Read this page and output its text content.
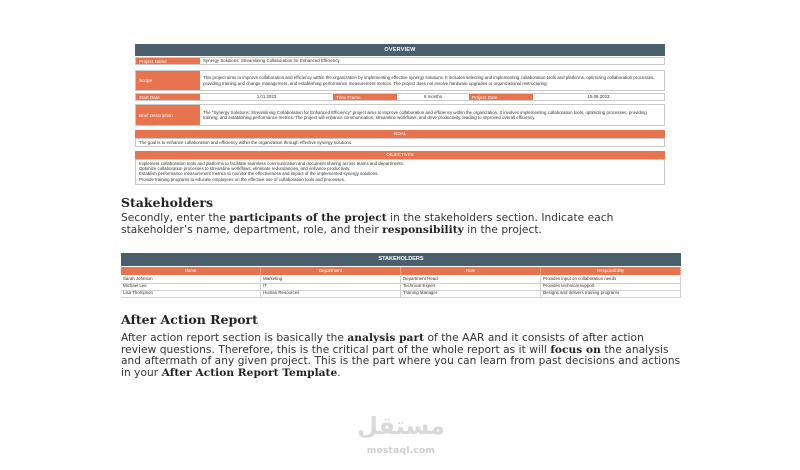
OVERVIEW
Project Name	Synergy Solutions: Streamlining Collaboration for Enhanced Efficiency
Scope
This project aims to improve collaboration and efficiency within the organization by implementing effective synergy solutions. It includes selecting and implementing collaboration tools and platforms, optimizing collaboration processes, providing training and change management, and establishing performance measurement metrics. The project does not involve hardware upgrades or organizational restructuring.
Start Date	1.01.2023	Time Frame	6 months	Project Date	15.06.2023
Brief Description
The "Synergy Solutions: Streamlining Collaboration for Enhanced Efficiency" project aims to improve collaboration and efficiency within the organization. It involves implementing collaboration tools, optimizing processes, providing training, and establishing performance metrics. The project will enhance communication, streamline workflows, and drive productivity, leading to improved overall efficiency.
GOAL
The goal is to enhance collaboration and efficiency within the organization through effective synergy solutions.
OBJECTIVES
Implement collaboration tools and platforms to facilitate seamless communication and document sharing across teams and departments.
Optimize collaboration processes to streamline workflows, eliminate redundancies, and enhance productivity.
Establish performance measurement metrics to monitor the effectiveness and impact of the implemented synergy solutions.
Provide training programs to educate employees on the effective use of collaboration tools and processes.
Stakeholders

Secondly, enter the participants of the project in the stakeholders section. Indicate each stakeholder’s name, department, role, and their responsibility in the project.

STAKEHOLDERS
Name	Department	Role	Responsibility
Sarah Johnson	Marketing	Department Head	Provides input on collaboration needs
Michael Lee	IT	Technical Expert	Provides technical support
Lisa Thompson	Human Resources	Training Manager	Designs and delivers training programs
After Action Report

After action report section is basically the analysis part of the AAR and it consists of after action review questions. Therefore, this is the critical part of the whole report as it will focus on the analysis and aftermath of any given project. This is the part where you can learn from past decisions and actions in your After Action Report Template.

مستقل
mostaql.com
